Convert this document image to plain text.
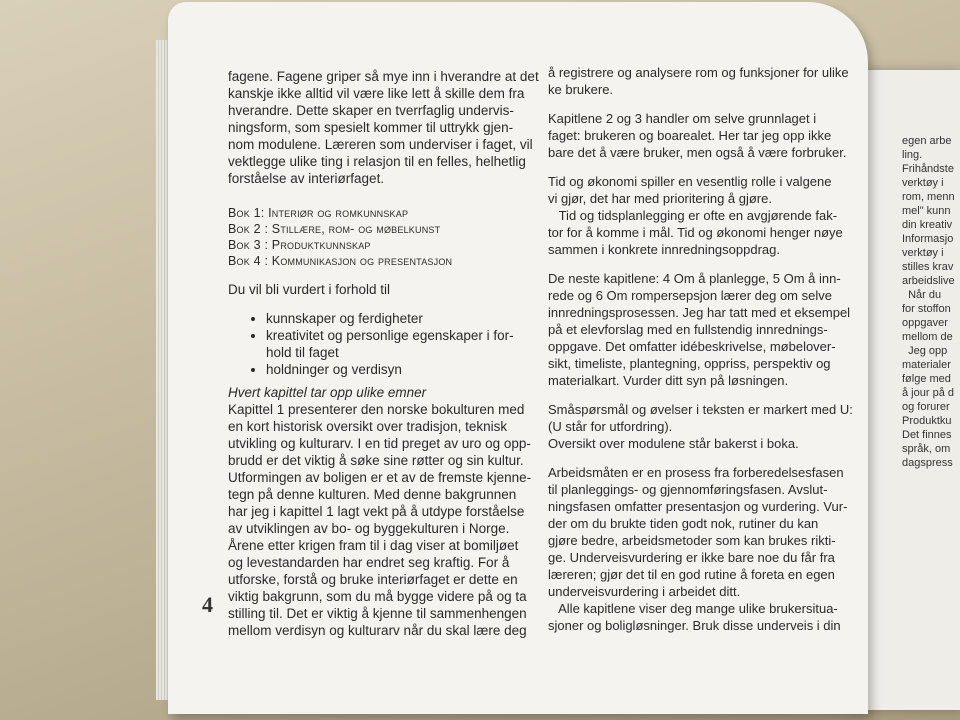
egen arbe

ling.

Frihåndste

verktøy i

rom, menn

mel" kunn

din kreativ

Informasjo

verktøy i

stilles krav

arbeidslive

Når du

for stoffon

oppgaver

mellom de

Jeg opp

materialer

følge med

å jour på d

og forurer

Produktku

Det finnes

språk, om

dagspress

fagene. Fagene griper så mye inn i hverandre at det

kanskje ikke alltid vil være like lett å skille dem fra

hverandre. Dette skaper en tverrfaglig undervis-

ningsform, som spesielt kommer til uttrykk gjen-

nom modulene. Læreren som underviser i faget, vil

vektlegge ulike ting i relasjon til en felles, helhetlig

forståelse av interiørfaget.

Bok 1: Interiør og romkunnskap

Bok 2 : Stillære, rom- og møbelkunst

Bok 3 : Produktkunnskap

Bok 4 : Kommunikasjon og presentasjon

Du vil bli vurdert i forhold til

• kunnskaper og ferdigheter
• kreativitet og personlige egenskaper i for-
hold til faget
• holdninger og verdisyn

Hvert kapittel tar opp ulike emner

Kapittel 1 presenterer den norske bokulturen med

en kort historisk oversikt over tradisjon, teknisk

utvikling og kulturarv. I en tid preget av uro og opp-

brudd er det viktig å søke sine røtter og sin kultur.

Utformingen av boligen er et av de fremste kjenne-

tegn på denne kulturen. Med denne bakgrunnen

har jeg i kapittel 1 lagt vekt på å utdype forståelse

av utviklingen av bo- og byggekulturen i Norge.

Årene etter krigen fram til i dag viser at bomiljøet

og levestandarden har endret seg kraftig. For å

utforske, forstå og bruke interiørfaget er dette en

viktig bakgrunn, som du må bygge videre på og ta

stilling til. Det er viktig å kjenne til sammenhengen

mellom verdisyn og kulturarv når du skal lære deg

å registrere og analysere rom og funksjoner for ulike

ke brukere.

Kapitlene 2 og 3 handler om selve grunnlaget i

faget: brukeren og boarealet. Her tar jeg opp ikke

bare det å være bruker, men også å være forbruker.

Tid og økonomi spiller en vesentlig rolle i valgene

vi gjør, det har med prioritering å gjøre.

Tid og tidsplanlegging er ofte en avgjørende fak-

tor for å komme i mål. Tid og økonomi henger nøye

sammen i konkrete innredningsoppdrag.

De neste kapitlene: 4 Om å planlegge, 5 Om å inn-

rede og 6 Om rompersepsjon lærer deg om selve

innredningsprosessen. Jeg har tatt med et eksempel

på et elevforslag med en fullstendig innrednings-

oppgave. Det omfatter idébeskrivelse, møbelover-

sikt, timeliste, plantegning, oppriss, perspektiv og

materialkart. Vurder ditt syn på løsningen.

Småspørsmål og øvelser i teksten er markert med U:

(U står for utfordring).

Oversikt over modulene står bakerst i boka.

Arbeidsmåten er en prosess fra forberedelsesfasen

til planleggings- og gjennomføringsfasen. Avslut-

ningsfasen omfatter presentasjon og vurdering. Vur-

der om du brukte tiden godt nok, rutiner du kan

gjøre bedre, arbeidsmetoder som kan brukes rikti-

ge. Underveisvurdering er ikke bare noe du får fra

læreren; gjør det til en god rutine å foreta en egen

underveisvurdering i arbeidet ditt.

Alle kapitlene viser deg mange ulike brukersitua-

sjoner og boligløsninger. Bruk disse underveis i din

4
